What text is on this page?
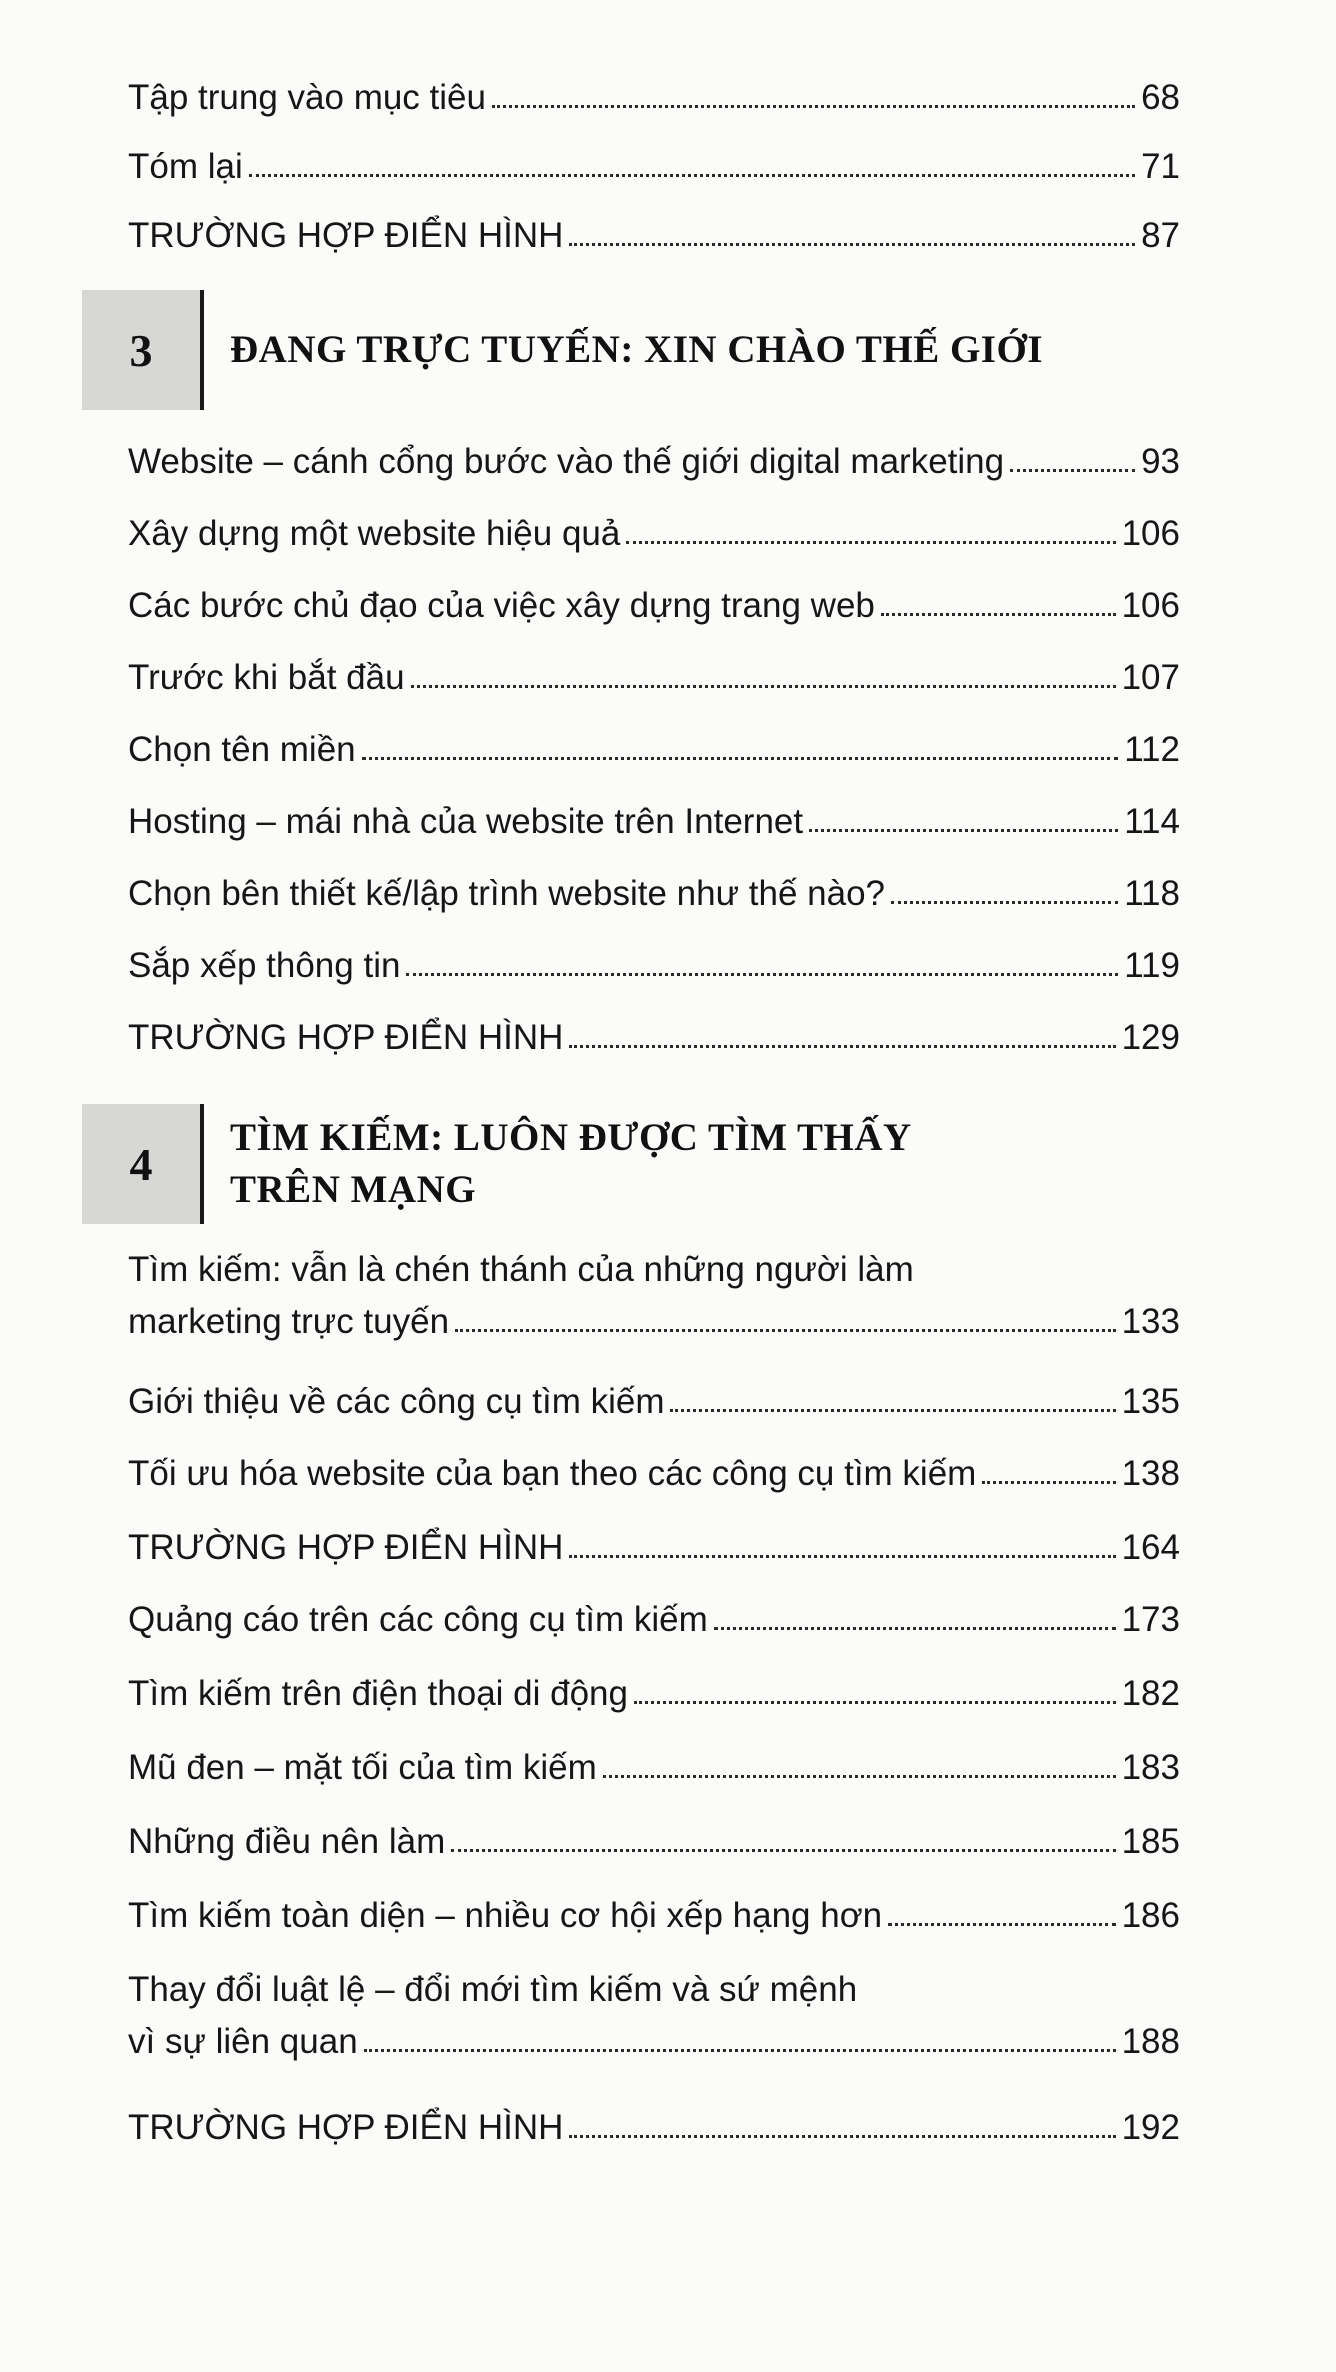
Tập trung vào mục tiêu	68
Tóm lại	71
TRƯỜNG HỢP ĐIỂN HÌNH	87
3	ĐANG TRỰC TUYẾN: XIN CHÀO THẾ GIỚI
Website – cánh cổng bước vào thế giới digital marketing	93
Xây dựng một website hiệu quả	106
Các bước chủ đạo của việc xây dựng trang web	106
Trước khi bắt đầu	107
Chọn tên miền	112
Hosting – mái nhà của website trên Internet	114
Chọn bên thiết kế/lập trình website như thế nào?	118
Sắp xếp thông tin	119
TRƯỜNG HỢP ĐIỂN HÌNH	129
4
TÌM KIẾM: LUÔN ĐƯỢC TÌM THẤY
TRÊN MẠNG
Tìm kiếm: vẫn là chén thánh của những người làm
marketing trực tuyến	133
Giới thiệu về các công cụ tìm kiếm	135
Tối ưu hóa website của bạn theo các công cụ tìm kiếm	138
TRƯỜNG HỢP ĐIỂN HÌNH	164
Quảng cáo trên các công cụ tìm kiếm	173
Tìm kiếm trên điện thoại di động	182
Mũ đen – mặt tối của tìm kiếm	183
Những điều nên làm	185
Tìm kiếm toàn diện – nhiều cơ hội xếp hạng hơn	186
Thay đổi luật lệ – đổi mới tìm kiếm và sứ mệnh
vì sự liên quan	188
TRƯỜNG HỢP ĐIỂN HÌNH	192
